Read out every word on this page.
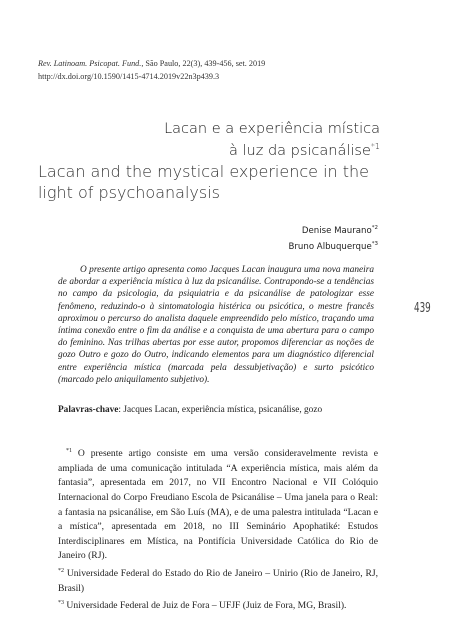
Rev. Latinoam. Psicopat. Fund., São Paulo, 22(3), 439-456, set. 2019
http://dx.doi.org/10.1590/1415-4714.2019v22n3p439.3
Lacan e a experiência mística
à luz da psicanálise$^{*1}$
Lacan and the mystical experience in the light of psychoanalysis
Denise Maurano$^{*2}$
Bruno Albuquerque$^{*3}$
O presente artigo apresenta como Jacques Lacan inaugura uma nova maneira de abordar a experiência mística à luz da psicanálise. Contrapondo-se a tendências no campo da psicologia, da psiquiatria e da psicanálise de patologizar esse fenômeno, reduzindo-o à sintomatologia histérica ou psicótica, o mestre francês aproximou o percurso do analista daquele empreendido pelo místico, traçando uma íntima conexão entre o fim da análise e a conquista de uma abertura para o campo do feminino. Nas trilhas abertas por esse autor, propomos diferenciar as noções de gozo Outro e gozo do Outro, indicando elementos para um diagnóstico diferencial entre experiência mística (marcada pela dessubjetivação) e surto psicótico (marcado pelo aniquilamento subjetivo).
Palavras-chave: Jacques Lacan, experiência mística, psicanálise, gozo
439

$^{*1}$ O presente artigo consiste em uma versão consideravelmente revista e ampliada de uma comunicação intitulada “A experiência mística, mais além da fantasia”, apresentada em 2017, no VII Encontro Nacional e VII Colóquio Internacional do Corpo Freudiano Escola de Psicanálise – Uma janela para o Real: a fantasia na psicanálise, em São Luís (MA), e de uma palestra intitulada “Lacan e a mística”, apresentada em 2018, no III Seminário Apophatiké: Estudos Interdisciplinares em Mística, na Pontifícia Universidade Católica do Rio de Janeiro (RJ).

$^{*2}$ Universidade Federal do Estado do Rio de Janeiro – Unirio (Rio de Janeiro, RJ, Brasil)

$^{*3}$ Universidade Federal de Juiz de Fora – UFJF (Juiz de Fora, MG, Brasil).
